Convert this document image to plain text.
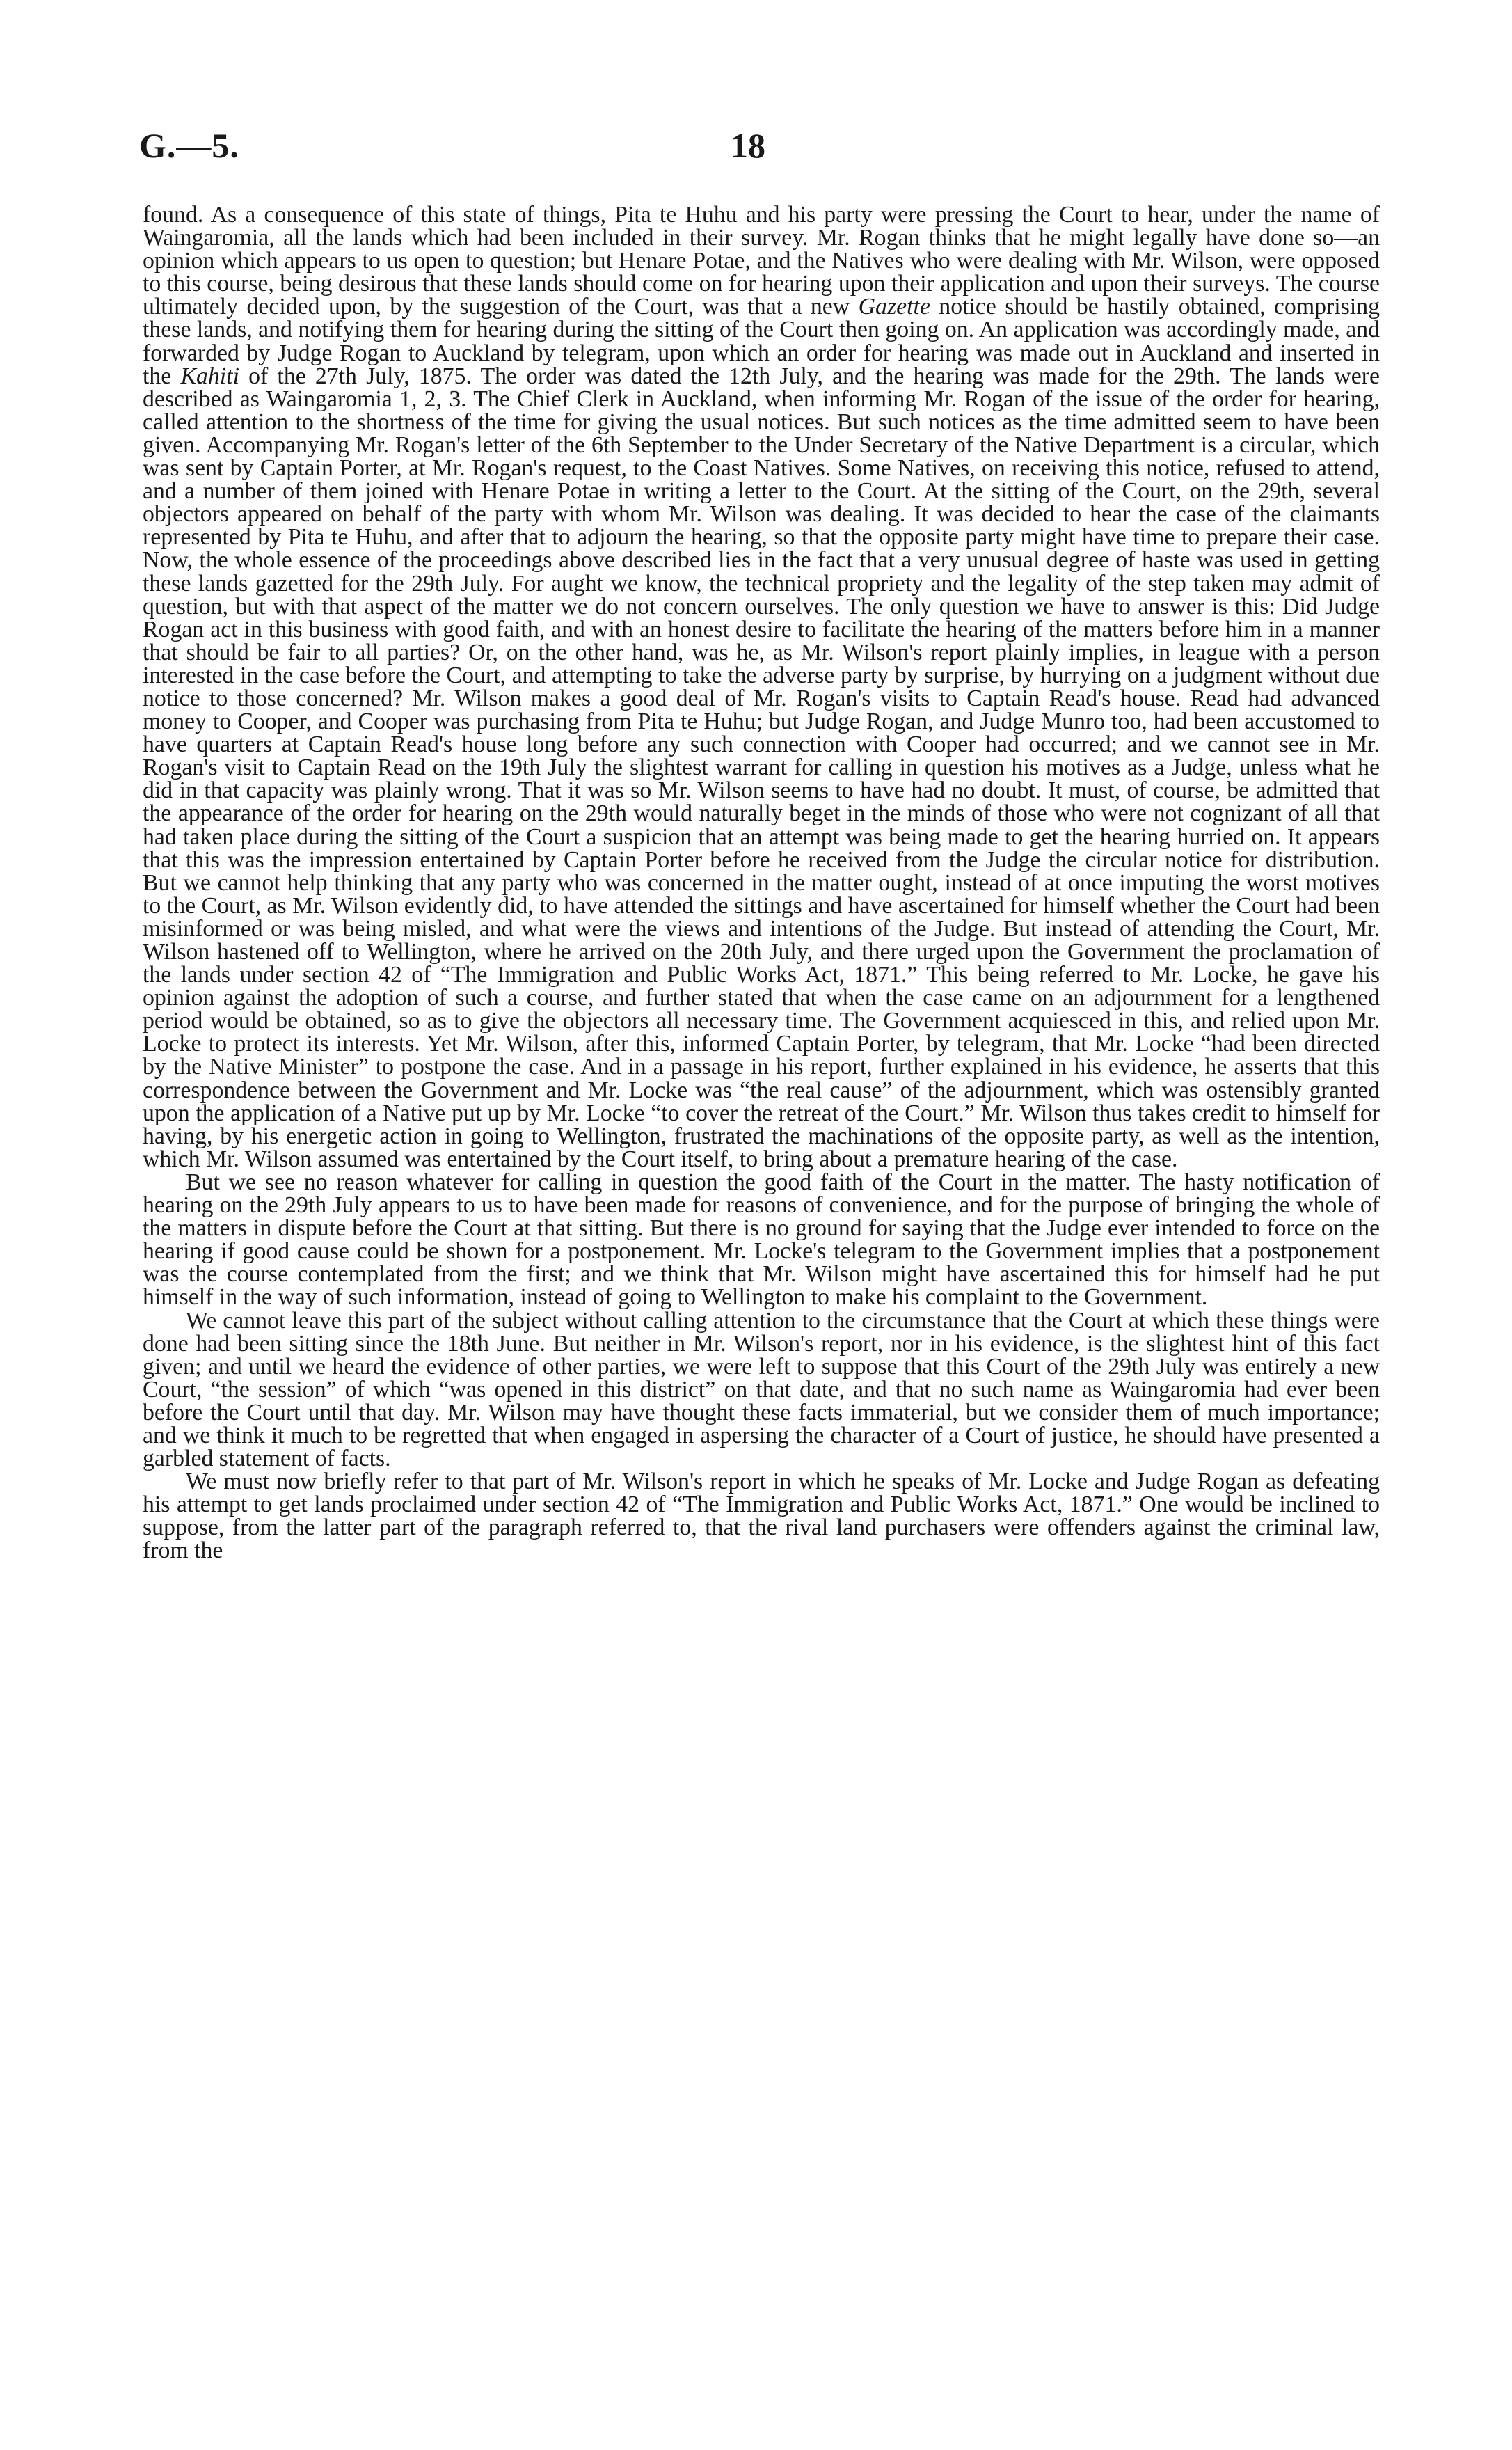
G.—5.	18

found. As a consequence of this state of things, Pita te Huhu and his party were pressing the Court to hear, under the name of Waingaromia, all the lands which had been included in their survey. Mr. Rogan thinks that he might legally have done so—an opinion which appears to us open to question; but Henare Potae, and the Natives who were dealing with Mr. Wilson, were opposed to this course, being desirous that these lands should come on for hearing upon their application and upon their surveys. The course ultimately decided upon, by the suggestion of the Court, was that a new Gazette notice should be hastily obtained, comprising these lands, and notifying them for hearing during the sitting of the Court then going on. An application was accordingly made, and forwarded by Judge Rogan to Auckland by telegram, upon which an order for hearing was made out in Auckland and inserted in the Kahiti of the 27th July, 1875. The order was dated the 12th July, and the hearing was made for the 29th. The lands were described as Waingaromia 1, 2, 3. The Chief Clerk in Auckland, when informing Mr. Rogan of the issue of the order for hearing, called attention to the shortness of the time for giving the usual notices. But such notices as the time admitted seem to have been given. Accompanying Mr. Rogan's letter of the 6th September to the Under Secretary of the Native Department is a circular, which was sent by Captain Porter, at Mr. Rogan's request, to the Coast Natives. Some Natives, on receiving this notice, refused to attend, and a number of them joined with Henare Potae in writing a letter to the Court. At the sitting of the Court, on the 29th, several objectors appeared on behalf of the party with whom Mr. Wilson was dealing. It was decided to hear the case of the claimants represented by Pita te Huhu, and after that to adjourn the hearing, so that the opposite party might have time to prepare their case. Now, the whole essence of the proceedings above described lies in the fact that a very unusual degree of haste was used in getting these lands gazetted for the 29th July. For aught we know, the technical propriety and the legality of the step taken may admit of question, but with that aspect of the matter we do not concern ourselves. The only question we have to answer is this: Did Judge Rogan act in this business with good faith, and with an honest desire to facilitate the hearing of the matters before him in a manner that should be fair to all parties? Or, on the other hand, was he, as Mr. Wilson's report plainly implies, in league with a person interested in the case before the Court, and attempting to take the adverse party by surprise, by hurrying on a judgment without due notice to those concerned? Mr. Wilson makes a good deal of Mr. Rogan's visits to Captain Read's house. Read had advanced money to Cooper, and Cooper was purchasing from Pita te Huhu; but Judge Rogan, and Judge Munro too, had been accustomed to have quarters at Captain Read's house long before any such connection with Cooper had occurred; and we cannot see in Mr. Rogan's visit to Captain Read on the 19th July the slightest warrant for calling in question his motives as a Judge, unless what he did in that capacity was plainly wrong. That it was so Mr. Wilson seems to have had no doubt. It must, of course, be admitted that the appearance of the order for hearing on the 29th would naturally beget in the minds of those who were not cognizant of all that had taken place during the sitting of the Court a suspicion that an attempt was being made to get the hearing hurried on. It appears that this was the impression entertained by Captain Porter before he received from the Judge the circular notice for distribution. But we cannot help thinking that any party who was concerned in the matter ought, instead of at once imputing the worst motives to the Court, as Mr. Wilson evidently did, to have attended the sittings and have ascertained for himself whether the Court had been misinformed or was being misled, and what were the views and intentions of the Judge. But instead of attending the Court, Mr. Wilson hastened off to Wellington, where he arrived on the 20th July, and there urged upon the Government the proclamation of the lands under section 42 of “The Immigration and Public Works Act, 1871.” This being referred to Mr. Locke, he gave his opinion against the adoption of such a course, and further stated that when the case came on an adjournment for a lengthened period would be obtained, so as to give the objectors all necessary time. The Government acquiesced in this, and relied upon Mr. Locke to protect its interests. Yet Mr. Wilson, after this, informed Captain Porter, by telegram, that Mr. Locke “had been directed by the Native Minister” to postpone the case. And in a passage in his report, further explained in his evidence, he asserts that this correspondence between the Government and Mr. Locke was “the real cause” of the adjournment, which was ostensibly granted upon the application of a Native put up by Mr. Locke “to cover the retreat of the Court.” Mr. Wilson thus takes credit to himself for having, by his energetic action in going to Wellington, frustrated the machinations of the opposite party, as well as the intention, which Mr. Wilson assumed was entertained by the Court itself, to bring about a premature hearing of the case.

But we see no reason whatever for calling in question the good faith of the Court in the matter. The hasty notification of hearing on the 29th July appears to us to have been made for reasons of convenience, and for the purpose of bringing the whole of the matters in dispute before the Court at that sitting. But there is no ground for saying that the Judge ever intended to force on the hearing if good cause could be shown for a postponement. Mr. Locke's telegram to the Government implies that a postponement was the course contemplated from the first; and we think that Mr. Wilson might have ascertained this for himself had he put himself in the way of such information, instead of going to Wellington to make his complaint to the Government.

We cannot leave this part of the subject without calling attention to the circumstance that the Court at which these things were done had been sitting since the 18th June. But neither in Mr. Wilson's report, nor in his evidence, is the slightest hint of this fact given; and until we heard the evidence of other parties, we were left to suppose that this Court of the 29th July was entirely a new Court, “the session” of which “was opened in this district” on that date, and that no such name as Waingaromia had ever been before the Court until that day. Mr. Wilson may have thought these facts immaterial, but we consider them of much importance; and we think it much to be regretted that when engaged in aspersing the character of a Court of justice, he should have presented a garbled statement of facts.

We must now briefly refer to that part of Mr. Wilson's report in which he speaks of Mr. Locke and Judge Rogan as defeating his attempt to get lands proclaimed under section 42 of “The Immigration and Public Works Act, 1871.” One would be inclined to suppose, from the latter part of the paragraph referred to, that the rival land purchasers were offenders against the criminal law, from the
